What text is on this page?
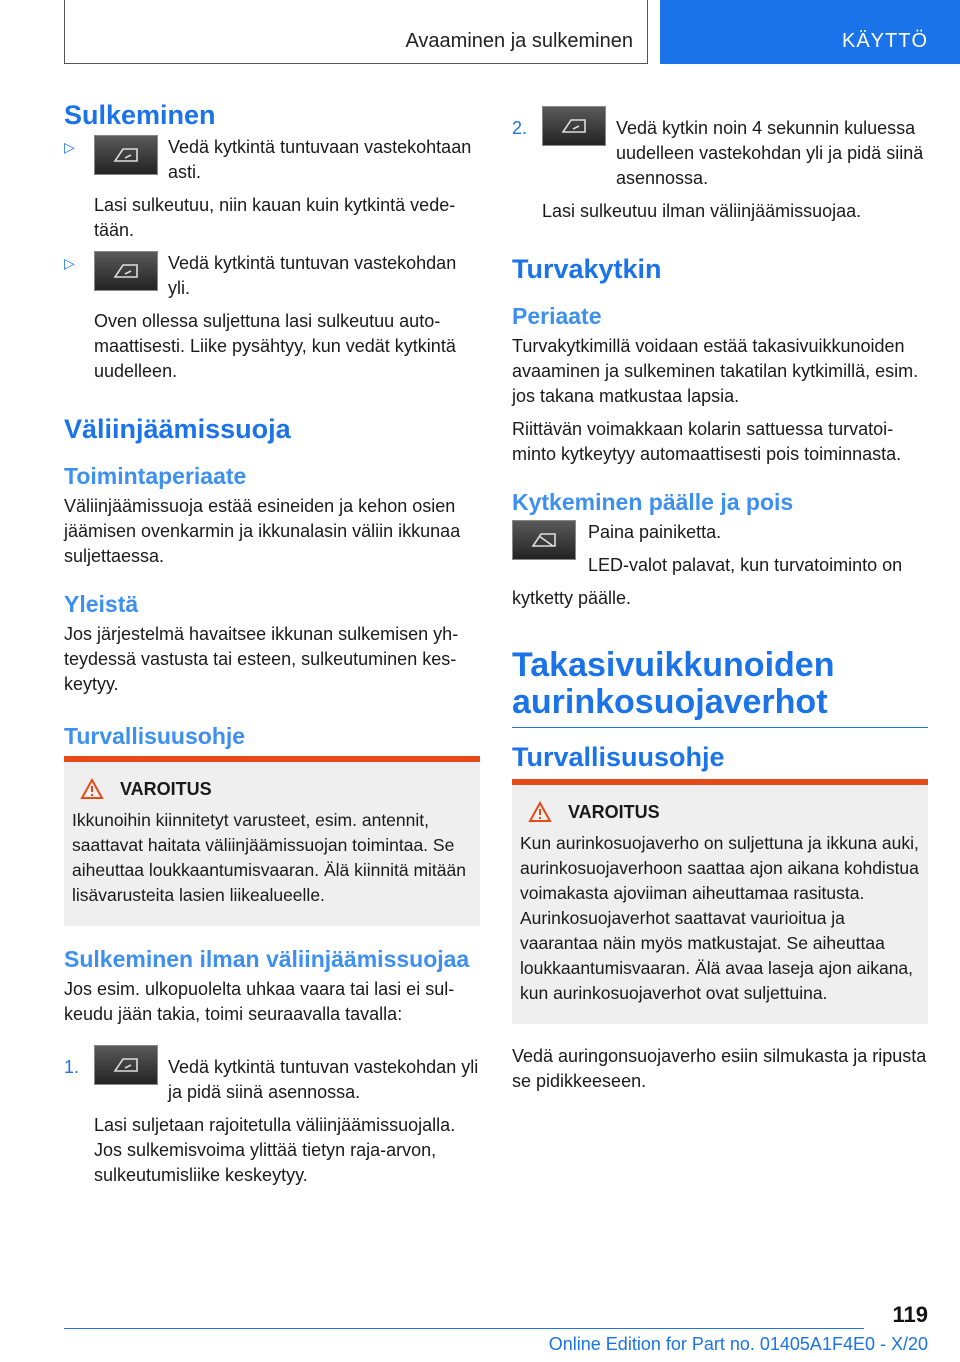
Avaaminen ja sulkeminen	KÄYTTÖ
Sulkeminen
▷	Vedä kytkintä tuntuvaan vastekohtaan asti.

Lasi sulkeutuu, niin kauan kuin kytkintä vedetään.

▷	Vedä kytkintä tuntuvan vastekohdan yli.

Oven ollessa suljettuna lasi sulkeutuu automaattisesti. Liike pysähtyy, kun vedät kytkintä uudelleen.

Väliinjäämissuoja
Toimintaperiaate

Väliinjäämissuoja estää esineiden ja kehon osien jäämisen ovenkarmin ja ikkunalasin väliin ikkunaa suljettaessa.

Yleistä

Jos järjestelmä havaitsee ikkunan sulkemisen yhteydessä vastusta tai esteen, sulkeutuminen keskeytyy.

Turvallisuusohje
VAROITUS

Ikkunoihin kiinnitetyt varusteet, esim. antennit, saattavat haitata väliinjäämissuojan toimintaa. Se aiheuttaa loukkaantumisvaaran. Älä kiinnitä mitään lisävarusteita lasien liikealueelle.

Sulkeminen ilman väliinjäämissuojaa

Jos esim. ulkopuolelta uhkaa vaara tai lasi ei sulkeudu jään takia, toimi seuraavalla tavalla:

1.	Vedä kytkintä tuntuvan vastekohdan yli ja pidä siinä asennossa.

Lasi suljetaan rajoitetulla väliinjäämissuojalla. Jos sulkemisvoima ylittää tietyn raja-arvon, sulkeutumisliike keskeytyy.

2.	Vedä kytkin noin 4 sekunnin kuluessa uudelleen vastekohdan yli ja pidä siinä asennossa.

Lasi sulkeutuu ilman väliinjäämissuojaa.

Turvakytkin
Periaate

Turvakytkimillä voidaan estää takasivuikkunoiden avaaminen ja sulkeminen takatilan kytkimillä, esim. jos takana matkustaa lapsia.

Riittävän voimakkaan kolarin sattuessa turvatoiminto kytkeytyy automaattisesti pois toiminnasta.

Kytkeminen päälle ja pois

Paina painiketta.

LED-valot palavat, kun turvatoiminto on

kytketty päälle.

Takasivuikkunoiden
aurinkosuojaverhot
Turvallisuusohje
VAROITUS

Kun aurinkosuojaverho on suljettuna ja ikkuna auki, aurinkosuojaverhoon saattaa ajon aikana kohdistua voimakasta ajoviiman aiheuttamaa rasitusta. Aurinkosuojaverhot saattavat vaurioitua ja vaarantaa näin myös matkustajat. Se aiheuttaa loukkaantumisvaaran. Älä avaa laseja ajon aikana, kun aurinkosuojaverhot ovat suljettuina.

Vedä auringonsuojaverho esiin silmukasta ja ripusta se pidikkeeseen.

119
Online Edition for Part no. 01405A1F4E0 - X/20
